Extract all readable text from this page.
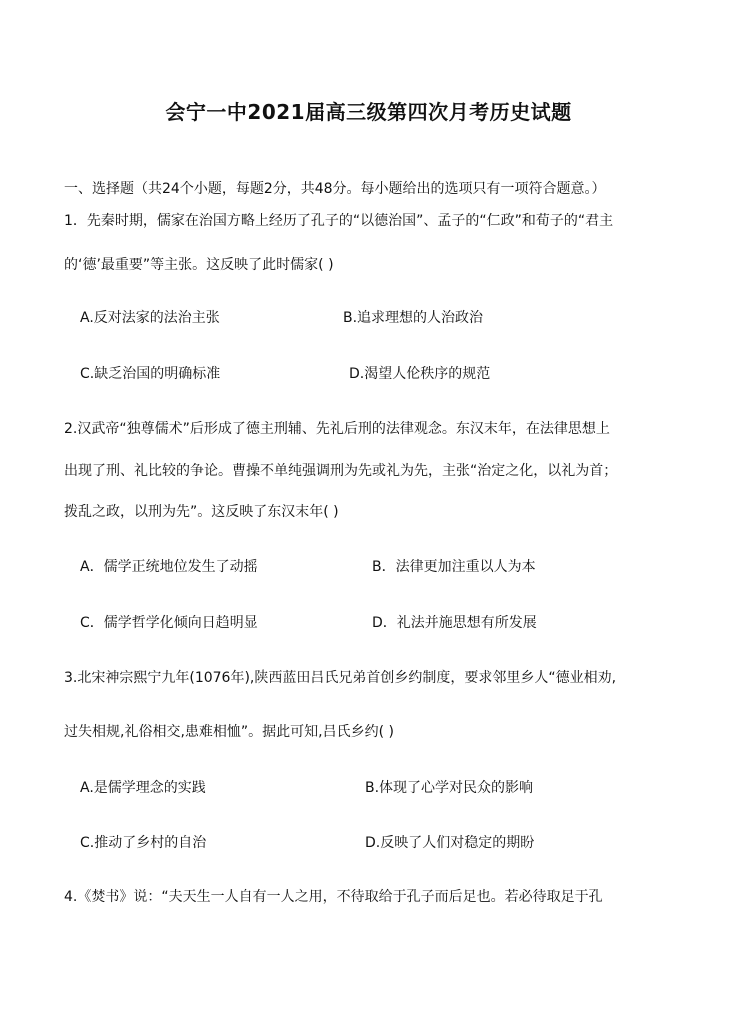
会宁一中2021届高三级第四次月考历史试题
一、选择题（共24个小题，每题2分，共48分。每小题给出的选项只有一项符合题意。）
1．先秦时期，儒家在治国方略上经历了孔子的“以德治国”、孟子的“仁政”和荀子的“君主
的‘德’最重要”等主张。这反映了此时儒家( )
A.反对法家的法治主张	B.追求理想的人治政治
C.缺乏治国的明确标准	D.渴望人伦秩序的规范
2.汉武帝“独尊儒术”后形成了德主刑辅、先礼后刑的法律观念。东汉末年，在法律思想上
出现了刑、礼比较的争论。曹操不单纯强调刑为先或礼为先，主张“治定之化，以礼为首；
拨乱之政，以刑为先”。这反映了东汉末年( )
A．儒学正统地位发生了动摇	B．法律更加注重以人为本
C．儒学哲学化倾向日趋明显	D．礼法并施思想有所发展
3.北宋神宗熙宁九年(1076年),陕西蓝田吕氏兄弟首创乡约制度，要求邻里乡人“德业相劝,
过失相规,礼俗相交,患难相恤”。据此可知,吕氏乡约( )
A.是儒学理念的实践	B.体现了心学对民众的影响
C.推动了乡村的自治	D.反映了人们对稳定的期盼
4.《焚书》说：“夫天生一人自有一人之用，不待取给于孔子而后足也。若必待取足于孔
